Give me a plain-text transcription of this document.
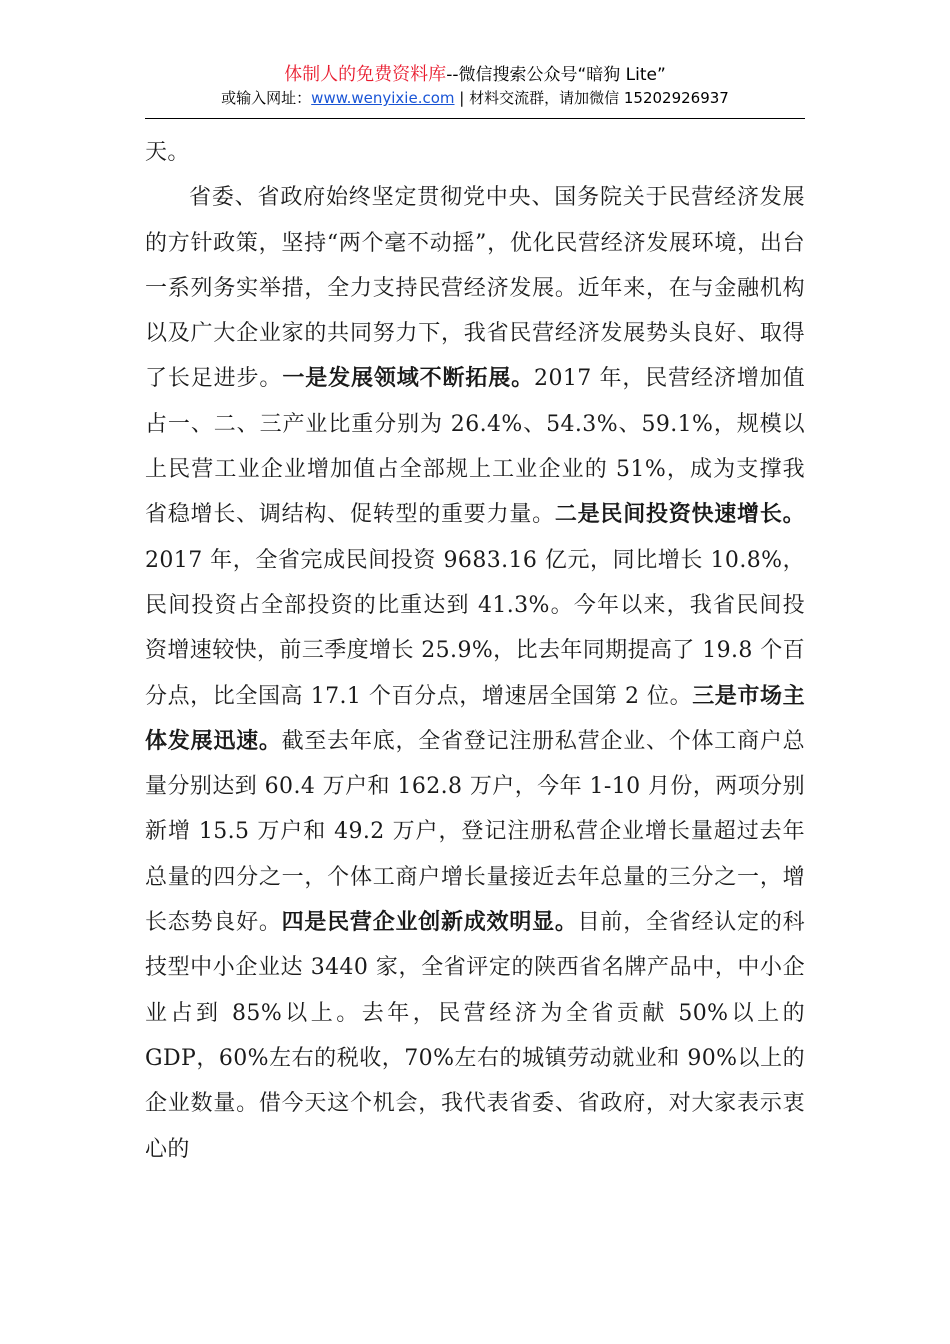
体制人的免费资料库--微信搜索公众号“暗狗 Lite”
或输入网址：www.wenyixie.com | 材料交流群，请加微信 15202926937

天。

省委、省政府始终坚定贯彻党中央、国务院关于民营经济发展的方针政策，坚持“两个毫不动摇”，优化民营经济发展环境，出台一系列务实举措，全力支持民营经济发展。近年来，在与金融机构以及广大企业家的共同努力下，我省民营经济发展势头良好、取得了长足进步。一是发展领域不断拓展。2017 年，民营经济增加值占一、二、三产业比重分别为 26.4%、54.3%、59.1%，规模以上民营工业企业增加值占全部规上工业企业的 51%，成为支撑我省稳增长、调结构、促转型的重要力量。二是民间投资快速增长。2017 年，全省完成民间投资 9683.16 亿元，同比增长 10.8%，民间投资占全部投资的比重达到 41.3%。今年以来，我省民间投资增速较快，前三季度增长 25.9%，比去年同期提高了 19.8 个百分点，比全国高 17.1 个百分点，增速居全国第 2 位。三是市场主体发展迅速。截至去年底，全省登记注册私营企业、个体工商户总量分别达到 60.4 万户和 162.8 万户，今年 1-10 月份，两项分别新增 15.5 万户和 49.2 万户，登记注册私营企业增长量超过去年总量的四分之一，个体工商户增长量接近去年总量的三分之一，增长态势良好。四是民营企业创新成效明显。目前，全省经认定的科技型中小企业达 3440 家，全省评定的陕西省名牌产品中，中小企业占到 85%以上。去年，民营经济为全省贡献 50%以上的 GDP，60%左右的税收，70%左右的城镇劳动就业和 90%以上的企业数量。借今天这个机会，我代表省委、省政府，对大家表示衷心的
